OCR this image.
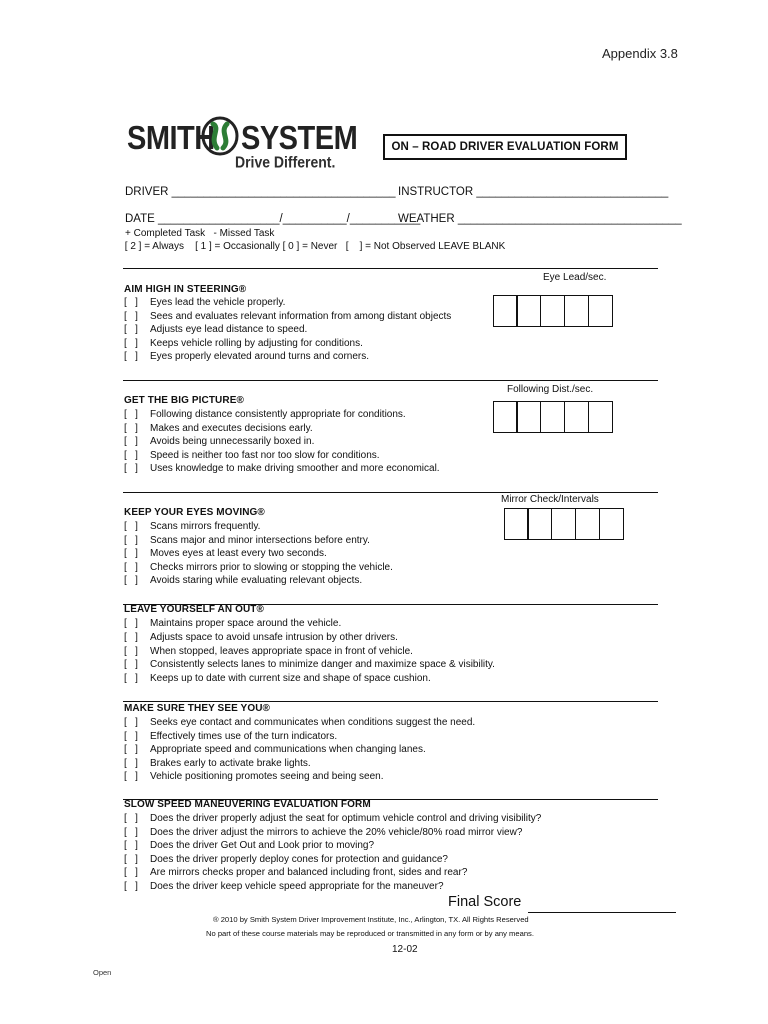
Appendix 3.8
SMITH SYSTEM
Drive Different.
ON – ROAD DRIVER EVALUATION FORM
DRIVER ___________________________________ INSTRUCTOR ______________________________
DATE ___________________/__________/___________
WEATHER ___________________________________
+ Completed Task   - Missed Task
[ 2 ] = Always    [ 1 ] = Occasionally [ 0 ] = Never   [    ] = Not Observed LEAVE BLANK
AIM HIGH IN STEERING®
[   ] Eyes lead the vehicle properly.
[   ] Sees and evaluates relevant information from among distant objects
[   ] Adjusts eye lead distance to speed.
[   ] Keeps vehicle rolling by adjusting for conditions.
[   ] Eyes properly elevated around turns and corners.
Eye Lead/sec.
GET THE BIG PICTURE®
[   ] Following distance consistently appropriate for conditions.
[   ] Makes and executes decisions early.
[   ] Avoids being unnecessarily boxed in.
[   ] Speed is neither too fast nor too slow for conditions.
[   ] Uses knowledge to make driving smoother and more economical.
Following Dist./sec.
KEEP YOUR EYES MOVING®
[   ] Scans mirrors frequently.
[   ] Scans major and minor intersections before entry.
[   ] Moves eyes at least every two seconds.
[   ] Checks mirrors prior to slowing or stopping the vehicle.
[   ] Avoids staring while evaluating relevant objects.
Mirror Check/Intervals
LEAVE YOURSELF AN OUT®
[   ] Maintains proper space around the vehicle.
[   ] Adjusts space to avoid unsafe intrusion by other drivers.
[   ] When stopped, leaves appropriate space in front of vehicle.
[   ] Consistently selects lanes to minimize danger and maximize space & visibility.
[   ] Keeps up to date with current size and shape of space cushion.
MAKE SURE THEY SEE YOU®
[   ] Seeks eye contact and communicates when conditions suggest the need.
[   ] Effectively times use of the turn indicators.
[   ] Appropriate speed and communications when changing lanes.
[   ] Brakes early to activate brake lights.
[   ] Vehicle positioning promotes seeing and being seen.
SLOW SPEED MANEUVERING EVALUATION FORM
[   ] Does the driver properly adjust the seat for optimum vehicle control and driving visibility?
[   ] Does the driver adjust the mirrors to achieve the 20% vehicle/80% road mirror view?
[   ] Does the driver Get Out and Look prior to moving?
[   ] Does the driver properly deploy cones for protection and guidance?
[   ] Are mirrors checks proper and balanced including front, sides and rear?
[   ] Does the driver keep vehicle speed appropriate for the maneuver?
Final Score
® 2010 by Smith System Driver Improvement Institute, Inc., Arlington, TX. All Rights Reserved
No part of these course materials may be reproduced or transmitted in any form or by any means.
12-02
Open
